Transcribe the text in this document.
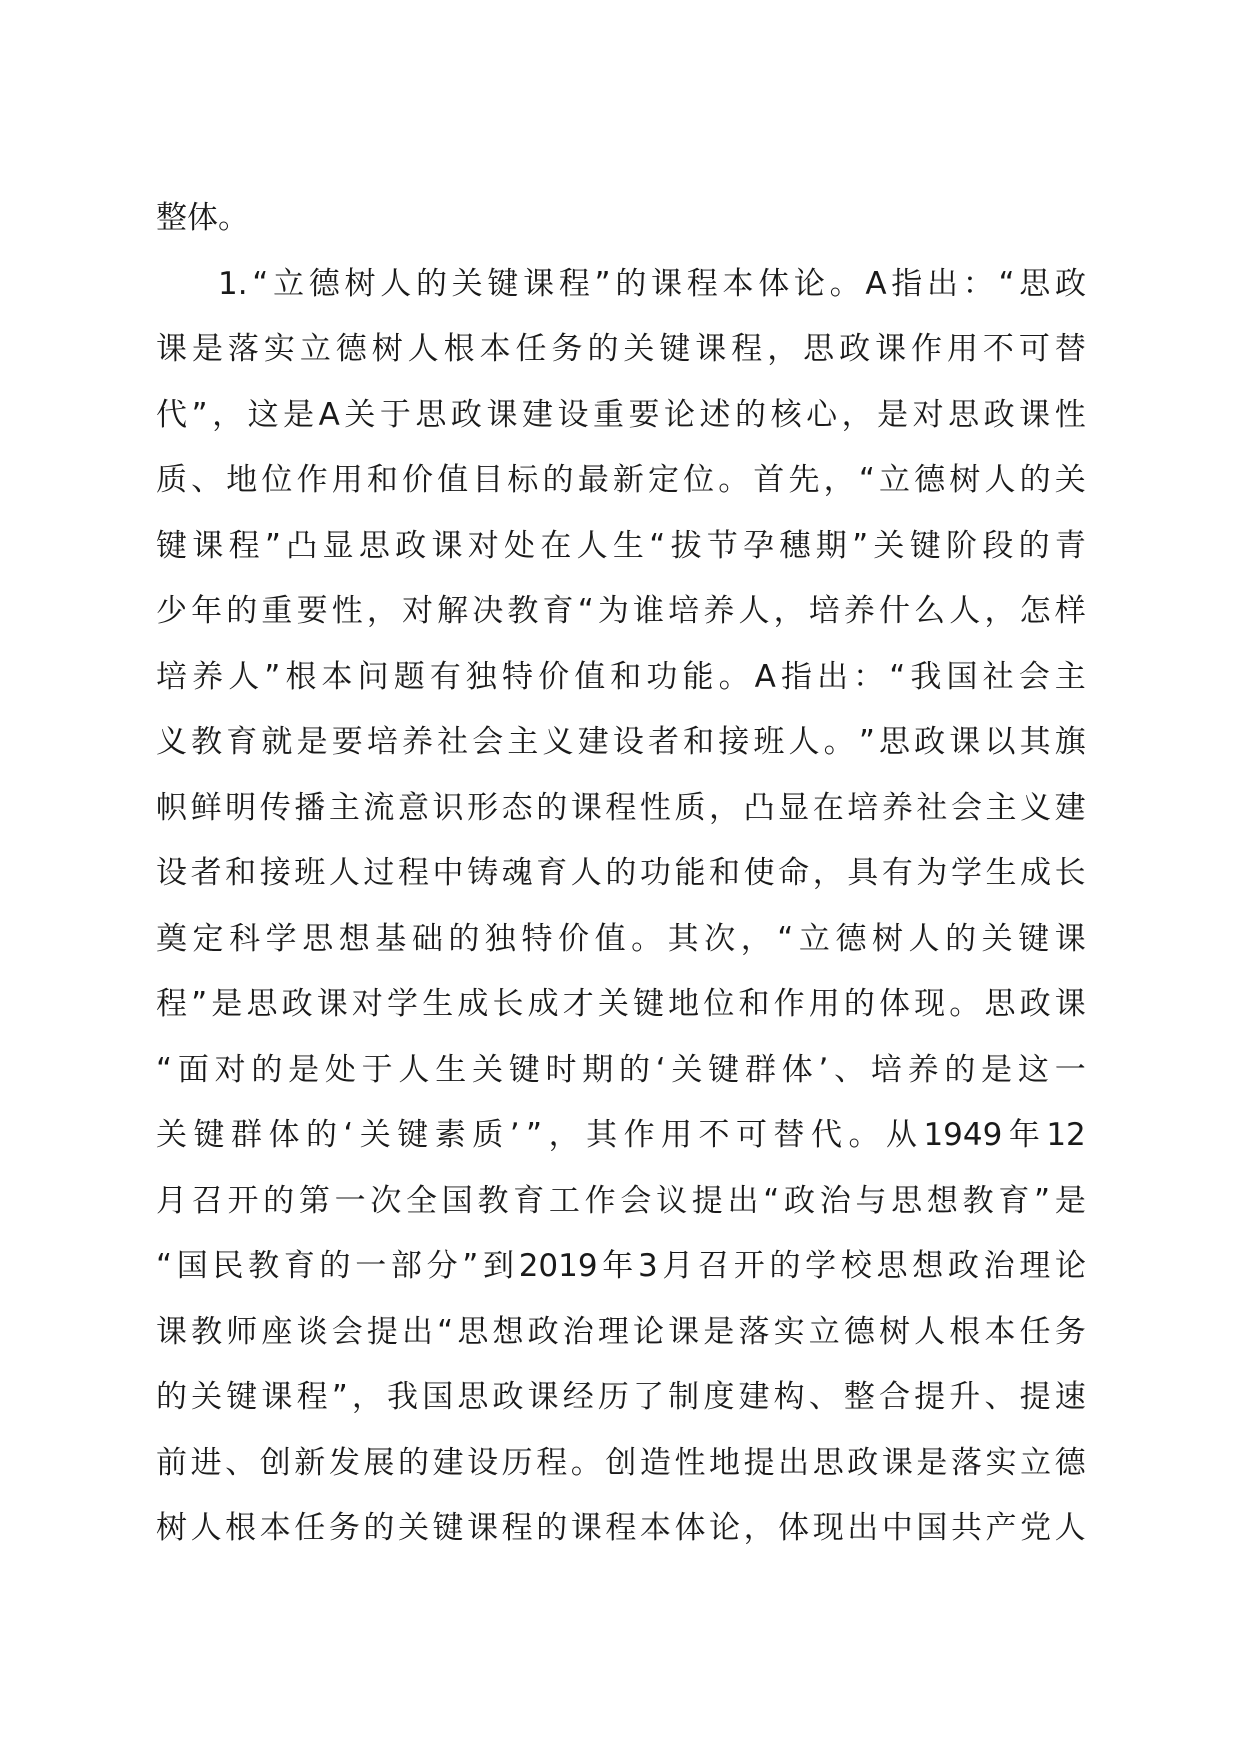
整体。
1. “ 立 德 树 人 的 关 键 课 程 ” 的 课 程 本 体 论 。 A 指 出 ： “ 思 政
课 是 落 实 立 德 树 人 根 本 任 务 的 关 键 课 程 ， 思 政 课 作 用 不 可 替
代 ” ， 这 是 A 关 于 思 政 课 建 设 重 要 论 述 的 核 心 ， 是 对 思 政 课 性
质 、 地 位 作 用 和 价 值 目 标 的 最 新 定 位 。 首 先 ， “ 立 德 树 人 的 关
键 课 程 ” 凸 显 思 政 课 对 处 在 人 生 “ 拔 节 孕 穗 期 ” 关 键 阶 段 的 青
少 年 的 重 要 性 ， 对 解 决 教 育 “ 为 谁 培 养 人 ， 培 养 什 么 人 ， 怎 样
培 养 人 ” 根 本 问 题 有 独 特 价 值 和 功 能 。 A 指 出 ： “ 我 国 社 会 主
义 教 育 就 是 要 培 养 社 会 主 义 建 设 者 和 接 班 人 。 ” 思 政 课 以 其 旗
帜 鲜 明 传 播 主 流 意 识 形 态 的 课 程 性 质 ， 凸 显 在 培 养 社 会 主 义 建
设 者 和 接 班 人 过 程 中 铸 魂 育 人 的 功 能 和 使 命 ， 具 有 为 学 生 成 长
奠 定 科 学 思 想 基 础 的 独 特 价 值 。 其 次 ， “ 立 德 树 人 的 关 键 课
程 ” 是 思 政 课 对 学 生 成 长 成 才 关 键 地 位 和 作 用 的 体 现 。 思 政 课
“ 面 对 的 是 处 于 人 生 关 键 时 期 的 ‘ 关 键 群 体 ’ 、 培 养 的 是 这 一
关 键 群 体 的 ‘ 关 键 素 质 ’ ” ， 其 作 用 不 可 替 代 。 从 1949 年 12
月 召 开 的 第 一 次 全 国 教 育 工 作 会 议 提 出 “ 政 治 与 思 想 教 育 ” 是
“ 国 民 教 育 的 一 部 分 ” 到 2019 年 3 月 召 开 的 学 校 思 想 政 治 理 论
课 教 师 座 谈 会 提 出 “ 思 想 政 治 理 论 课 是 落 实 立 德 树 人 根 本 任 务
的 关 键 课 程 ” ， 我 国 思 政 课 经 历 了 制 度 建 构 、 整 合 提 升 、 提 速
前 进 、 创 新 发 展 的 建 设 历 程 。 创 造 性 地 提 出 思 政 课 是 落 实 立 德
树 人 根 本 任 务 的 关 键 课 程 的 课 程 本 体 论 ， 体 现 出 中 国 共 产 党 人
